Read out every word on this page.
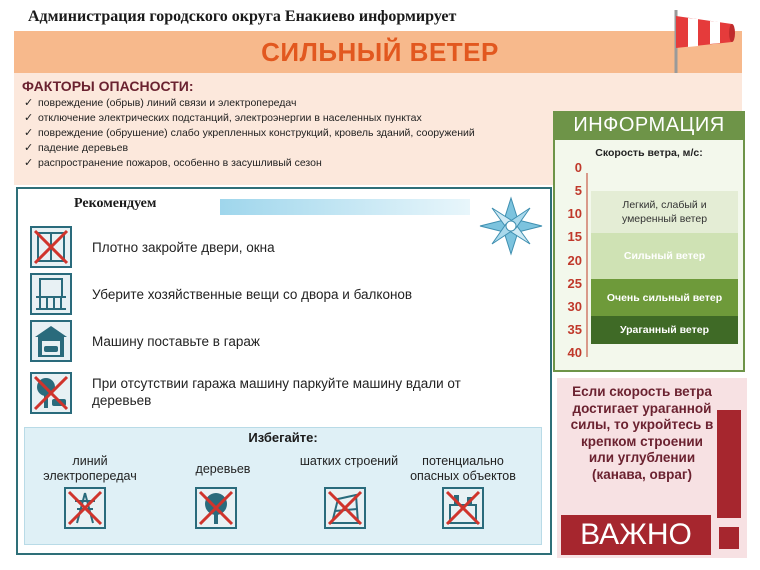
Администрация городского округа Енакиево информирует
СИЛЬНЫЙ ВЕТЕР
ФАКТОРЫ ОПАСНОСТИ:
✓ повреждение (обрыв) линий связи и электропередач
✓ отключение электрических подстанций, электроэнергии в населенных пунктах
✓ повреждение (обрушение) слабо укрепленных конструкций, кровель зданий, сооружений
✓ падение деревьев
✓ распространение пожаров, особенно в засушливый сезон
Рекомендуем
Плотно закройте двери, окна
Уберите хозяйственные вещи со двора и балконов
Машину поставьте в гараж
При отсутствии гаража машину паркуйте машину вдали от деревьев
Избегайте:
линий электропередач	деревьев
шатких строений	потенциально опасных объектов
ИНФОРМАЦИЯ
Скорость ветра, м/с:
0
5
10
15
20
25
30
35
40
Легкий, слабый и умеренный ветер
Сильный ветер
Очень сильный ветер
Ураганный ветер
Если скорость ветра достигает ураганной силы, то укройтесь в крепком строении или углублении (канава, овраг)
ВАЖНО
